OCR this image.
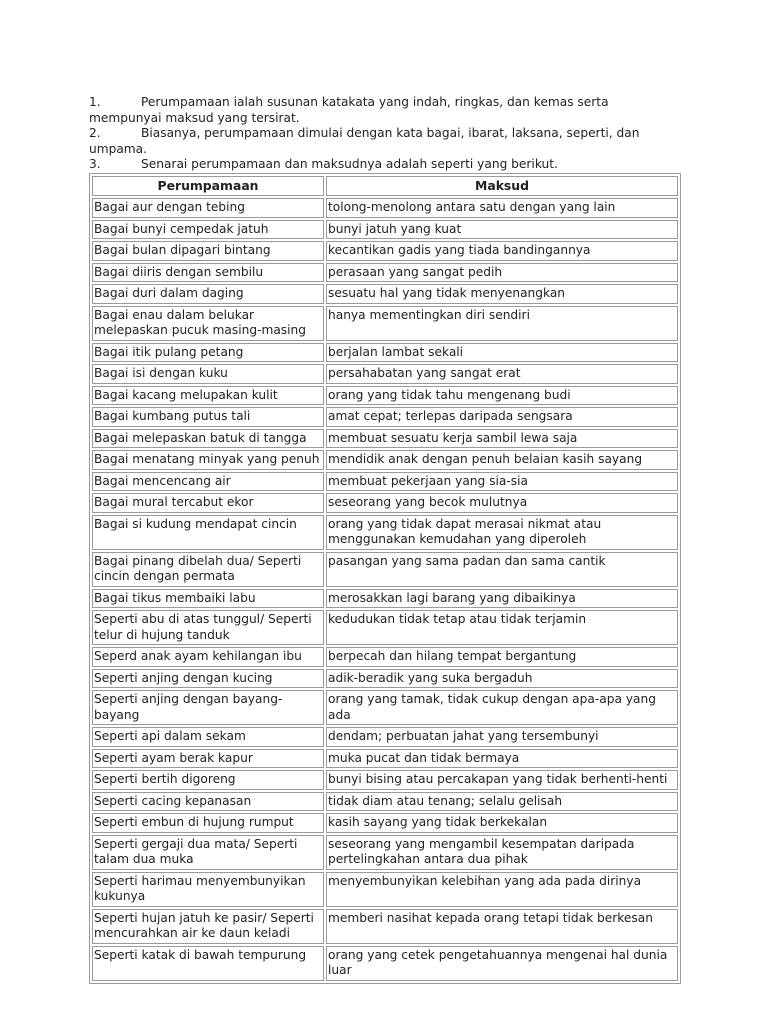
1.	Perumpamaan ialah susunan katakata yang indah, ringkas, dan kemas serta mempunyai maksud yang tersirat.

2.	Biasanya, perumpamaan dimulai dengan kata bagai, ibarat, laksana, seperti, dan umpama.

3.	Senarai perumpamaan dan maksudnya adalah seperti yang berikut.

Perumpamaan	Maksud
Bagai aur dengan tebing	tolong-menolong antara satu dengan yang lain
Bagai bunyi cempedak jatuh	bunyi jatuh yang kuat
Bagai bulan dipagari bintang	kecantikan gadis yang tiada bandingannya
Bagai diiris dengan sembilu	perasaan yang sangat pedih
Bagai duri dalam daging	sesuatu hal yang tidak menyenangkan
Bagai enau dalam belukar melepaskan pucuk masing-masing	hanya mementingkan diri sendiri
Bagai itik pulang petang	berjalan lambat sekali
Bagai isi dengan kuku	persahabatan yang sangat erat
Bagai kacang melupakan kulit	orang yang tidak tahu mengenang budi
Bagai kumbang putus tali	amat cepat; terlepas daripada sengsara
Bagai melepaskan batuk di tangga	membuat sesuatu kerja sambil lewa saja
Bagai menatang minyak yang penuh	mendidik anak dengan penuh belaian kasih sayang
Bagai mencencang air	membuat pekerjaan yang sia-sia
Bagai mural tercabut ekor	seseorang yang becok mulutnya
Bagai si kudung mendapat cincin	orang yang tidak dapat merasai nikmat atau menggunakan kemudahan yang diperoleh
Bagai pinang dibelah dua/ Seperti cincin dengan permata	pasangan yang sama padan dan sama cantik
Bagai tikus membaiki labu	merosakkan lagi barang yang dibaikinya
Seperti abu di atas tunggul/ Seperti telur di hujung tanduk	kedudukan tidak tetap atau tidak terjamin
Seperd anak ayam kehilangan ibu	berpecah dan hilang tempat bergantung
Seperti anjing dengan kucing	adik-beradik yang suka bergaduh
Seperti anjing dengan bayang-bayang	orang yang tamak, tidak cukup dengan apa-apa yang ada
Seperti api dalam sekam	dendam; perbuatan jahat yang tersembunyi
Seperti ayam berak kapur	muka pucat dan tidak bermaya
Seperti bertih digoreng	bunyi bising atau percakapan yang tidak berhenti-henti
Seperti cacing kepanasan	tidak diam atau tenang; selalu gelisah
Seperti embun di hujung rumput	kasih sayang yang tidak berkekalan
Seperti gergaji dua mata/ Seperti talam dua muka	seseorang yang mengambil kesempatan daripada pertelingkahan antara dua pihak
Seperti harimau menyembunyikan kukunya	menyembunyikan kelebihan yang ada pada dirinya
Seperti hujan jatuh ke pasir/ Seperti mencurahkan air ke daun keladi	memberi nasihat kepada orang tetapi tidak berkesan
Seperti katak di bawah tempurung	orang yang cetek pengetahuannya mengenai hal dunia luar
